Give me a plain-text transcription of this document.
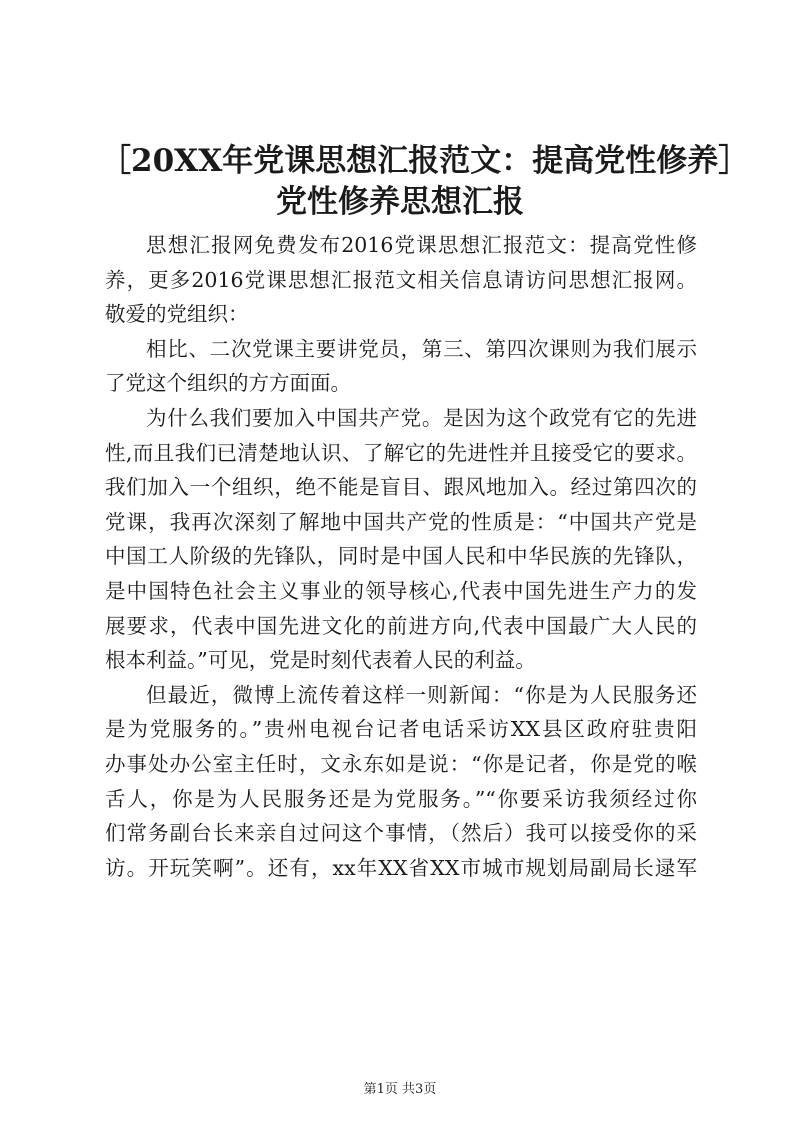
［20XX年党课思想汇报范文：提高党性修养］
党性修养思想汇报
思想汇报网免费发布2016党课思想汇报范文：提高党性修
养，更多2016党课思想汇报范文相关信息请访问思想汇报网。
敬爱的党组织：
相比、二次党课主要讲党员，第三、第四次课则为我们展示
了党这个组织的方方面面。
为什么我们要加入中国共产党。是因为这个政党有它的先进
性,而且我们已清楚地认识、了解它的先进性并且接受它的要求。
我们加入一个组织，绝不能是盲目、跟风地加入。经过第四次的
党课，我再次深刻了解地中国共产党的性质是：“中国共产党是
中国工人阶级的先锋队，同时是中国人民和中华民族的先锋队，
是中国特色社会主义事业的领导核心,代表中国先进生产力的发
展要求，代表中国先进文化的前进方向,代表中国最广大人民的
根本利益。”可见，党是时刻代表着人民的利益。
但最近，微博上流传着这样一则新闻：“你是为人民服务还
是为党服务的。”贵州电视台记者电话采访XX县区政府驻贵阳
办事处办公室主任时，文永东如是说：“你是记者，你是党的喉
舌人，你是为人民服务还是为党服务。”“你要采访我须经过你
们常务副台长来亲自过问这个事情，（然后）我可以接受你的采
访。开玩笑啊”。还有，xx年XX省XX市城市规划局副局长逯军
第1页 共3页
